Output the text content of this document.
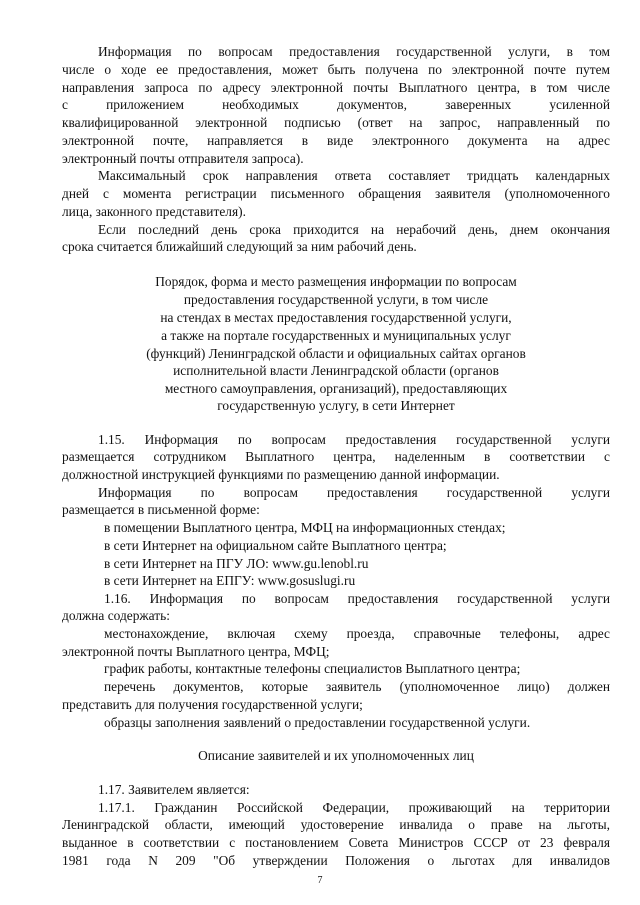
Информация по вопросам предоставления государственной услуги, в том
числе о ходе ее предоставления, может быть получена по электронной почте путем
направления запроса по адресу электронной почты Выплатного центра, в том числе
с приложением необходимых документов, заверенных усиленной
квалифицированной электронной подписью (ответ на запрос, направленный по
электронной почте, направляется в виде электронного документа на адрес
электронный почты отправителя запроса).
Максимальный срок направления ответа составляет тридцать календарных
дней с момента регистрации письменного обращения заявителя (уполномоченного
лица, законного представителя).
Если последний день срока приходится на нерабочий день, днем окончания
срока считается ближайший следующий за ним рабочий день.
Порядок, форма и место размещения информации по вопросам
предоставления государственной услуги, в том числе
на стендах в местах предоставления государственной услуги,
а также на портале государственных и муниципальных услуг
(функций) Ленинградской области и официальных сайтах органов
исполнительной власти Ленинградской области (органов
местного самоуправления, организаций), предоставляющих
государственную услугу, в сети Интернет
1.15. Информация по вопросам предоставления государственной услуги
размещается сотрудником Выплатного центра, наделенным в соответствии с
должностной инструкцией функциями по размещению данной информации.
Информация по вопросам предоставления государственной услуги
размещается в письменной форме:
в помещении Выплатного центра, МФЦ на информационных стендах;
в сети Интернет на официальном сайте Выплатного центра;
в сети Интернет на ПГУ ЛО: www.gu.lenobl.ru
в сети Интернет на ЕПГУ: www.gosuslugi.ru
1.16. Информация по вопросам предоставления государственной услуги
должна содержать:
местонахождение, включая схему проезда, справочные телефоны, адрес
электронной почты Выплатного центра, МФЦ;
график работы, контактные телефоны специалистов Выплатного центра;
перечень документов, которые заявитель (уполномоченное лицо) должен
представить для получения государственной услуги;
образцы заполнения заявлений о предоставлении государственной услуги.
Описание заявителей и их уполномоченных лиц
1.17. Заявителем является:
1.17.1. Гражданин Российской Федерации, проживающий на территории
Ленинградской области, имеющий удостоверение инвалида о праве на льготы,
выданное в соответствии с постановлением Совета Министров СССР от 23 февраля
1981 года N 209 "Об утверждении Положения о льготах для инвалидов
7
